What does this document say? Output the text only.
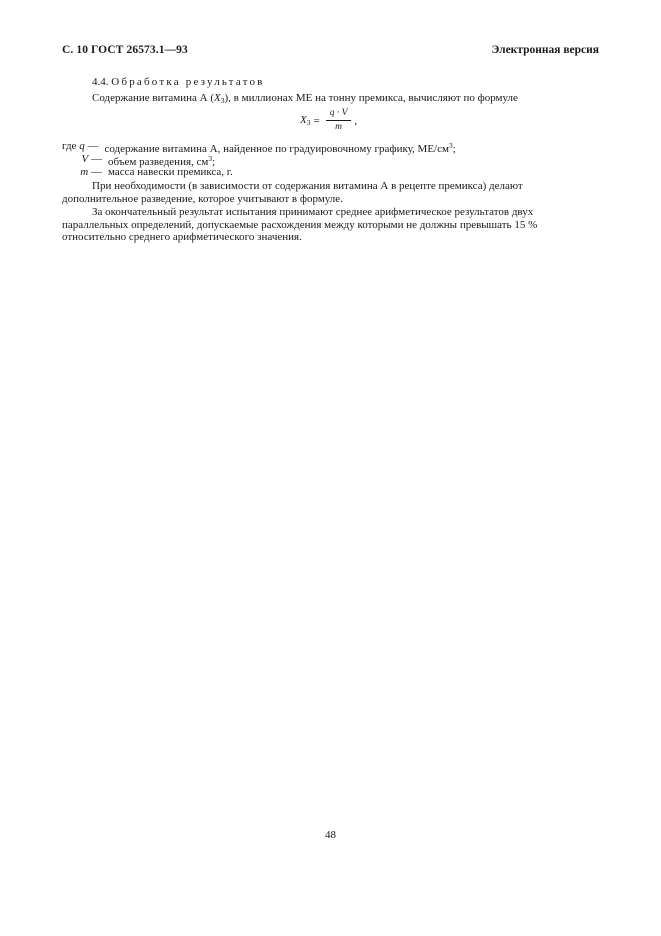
С. 10 ГОСТ 26573.1—93	Электронная версия
4.4. Обработка результатов
Содержание витамина А $(X_3)$, в миллионах МЕ на тонну премикса, вычисляют по формуле
$X_3 = \frac{q \cdot V}{m}$ ,
где q — содержание витамина А, найденное по градуировочному графику, $МЕ/см^3$;
V — объем разведения, $см^3$;
m — масса навески премикса, г.
При необходимости (в зависимости от содержания витамина А в рецепте премикса) делают
дополнительное разведение, которое учитывают в формуле.
За окончательный результат испытания принимают среднее арифметическое результатов двух
параллельных определений, допускаемые расхождения между которыми не должны превышать 15 %
относительно среднего арифметического значения.
48
